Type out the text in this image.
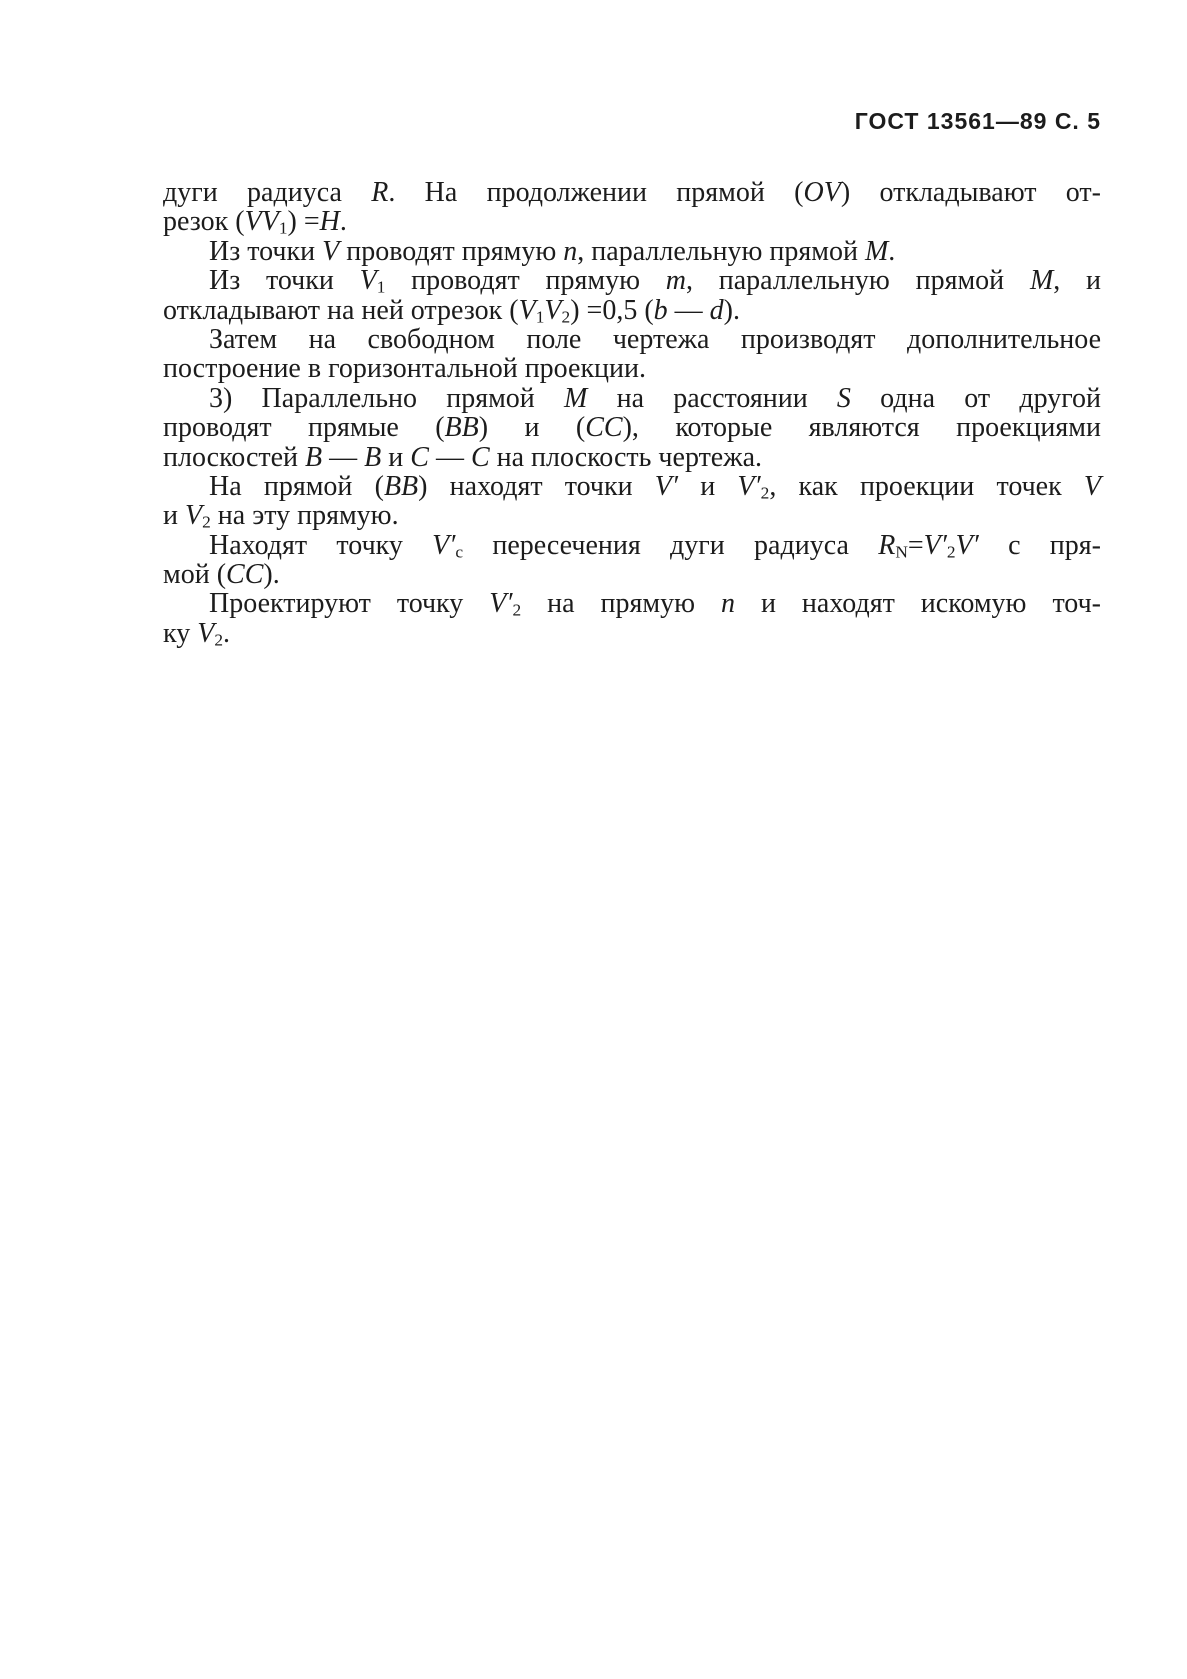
ГОСТ 13561—89 С. 5
дуги радиуса R. На продолжении прямой (OV) откладывают от-
резок $(VV_1) =H$.
Из точки V проводят прямую n, параллельную прямой M.
Из точки $V_1$ проводят прямую m, параллельную прямой M, и
откладывают на ней отрезок $(V_1V_2) =0,5$ (b — d).
Затем на свободном поле чертежа производят дополнительное
построение в горизонтальной проекции.
3) Параллельно прямой M на расстоянии S одна от другой
проводят прямые (BB) и (CC), которые являются проекциями
плоскостей B — B и C — C на плоскость чертежа.
На прямой (BB) находят точки V′ и $V'_2$, как проекции точек V
и $V_2$ на эту прямую.
Находят точку $V'_c$ пересечения дуги радиуса $R_N=V'_2V'$ с пря-
мой (CC).
Проектируют точку $V'_2$ на прямую n и находят искомую точ-
ку $V_2$.
